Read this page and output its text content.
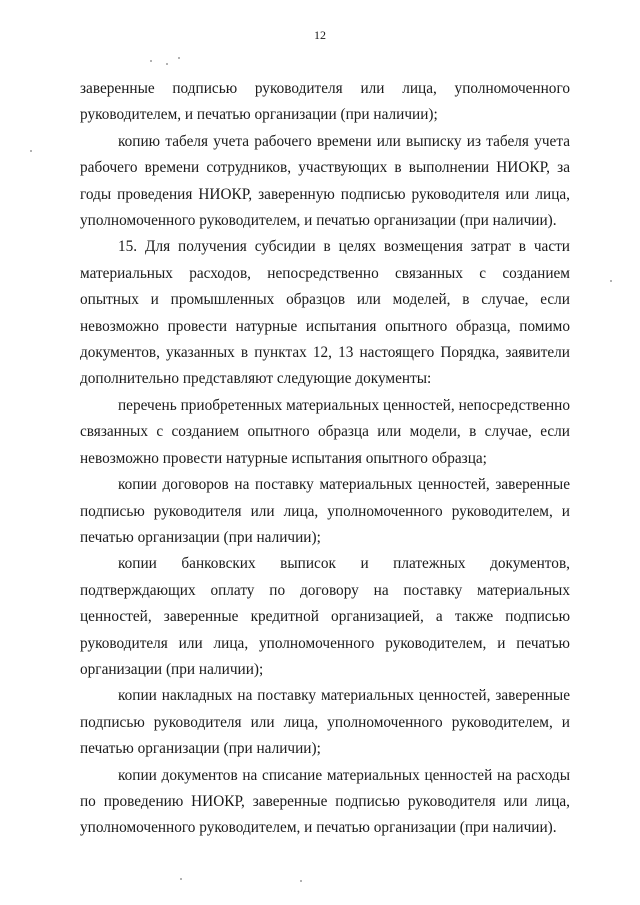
12

заверенные подписью руководителя или лица, уполномоченного руководителем, и печатью организации (при наличии);

копию табеля учета рабочего времени или выписку из табеля учета рабочего времени сотрудников, участвующих в выполнении НИОКР, за годы проведения НИОКР, заверенную подписью руководителя или лица, уполномоченного руководителем, и печатью организации (при наличии).

15. Для получения субсидии в целях возмещения затрат в части материальных расходов, непосредственно связанных с созданием опытных и промышленных образцов или моделей, в случае, если невозможно провести натурные испытания опытного образца, помимо документов, указанных в пунктах 12, 13 настоящего Порядка, заявители дополнительно представляют следующие документы:

перечень приобретенных материальных ценностей, непосредственно связанных с созданием опытного образца или модели, в случае, если невозможно провести натурные испытания опытного образца;

копии договоров на поставку материальных ценностей, заверенные подписью руководителя или лица, уполномоченного руководителем, и печатью организации (при наличии);

копии банковских выписок и платежных документов, подтверждающих оплату по договору на поставку материальных ценностей, заверенные кредитной организацией, а также подписью руководителя или лица, уполномоченного руководителем, и печатью организации (при наличии);

копии накладных на поставку материальных ценностей, заверенные подписью руководителя или лица, уполномоченного руководителем, и печатью организации (при наличии);

копии документов на списание материальных ценностей на расходы по проведению НИОКР, заверенные подписью руководителя или лица, уполномоченного руководителем, и печатью организации (при наличии).
